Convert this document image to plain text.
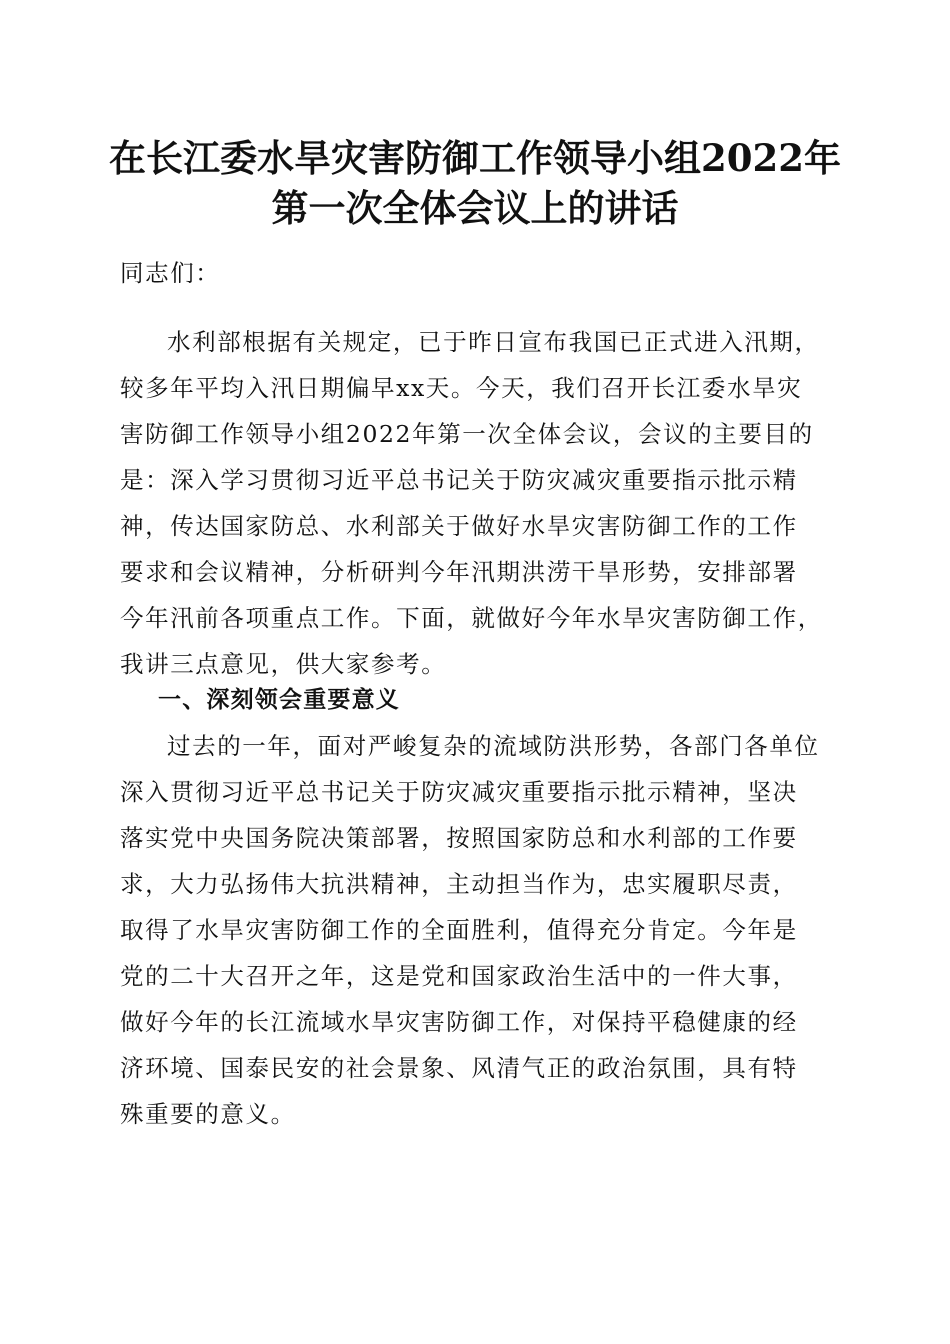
在长江委水旱灾害防御工作领导小组2022年
第一次全体会议上的讲话
同志们：
水利部根据有关规定，已于昨日宣布我国已正式进入汛期，
较多年平均入汛日期偏早xx天。今天，我们召开长江委水旱灾
害防御工作领导小组2022年第一次全体会议，会议的主要目的
是：深入学习贯彻习近平总书记关于防灾减灾重要指示批示精
神，传达国家防总、水利部关于做好水旱灾害防御工作的工作
要求和会议精神，分析研判今年汛期洪涝干旱形势，安排部署
今年汛前各项重点工作。下面，就做好今年水旱灾害防御工作，
我讲三点意见，供大家参考。
一、深刻领会重要意义
过去的一年，面对严峻复杂的流域防洪形势，各部门各单位
深入贯彻习近平总书记关于防灾减灾重要指示批示精神，坚决
落实党中央国务院决策部署，按照国家防总和水利部的工作要
求，大力弘扬伟大抗洪精神，主动担当作为，忠实履职尽责，
取得了水旱灾害防御工作的全面胜利，值得充分肯定。今年是
党的二十大召开之年，这是党和国家政治生活中的一件大事，
做好今年的长江流域水旱灾害防御工作，对保持平稳健康的经
济环境、国泰民安的社会景象、风清气正的政治氛围，具有特
殊重要的意义。
